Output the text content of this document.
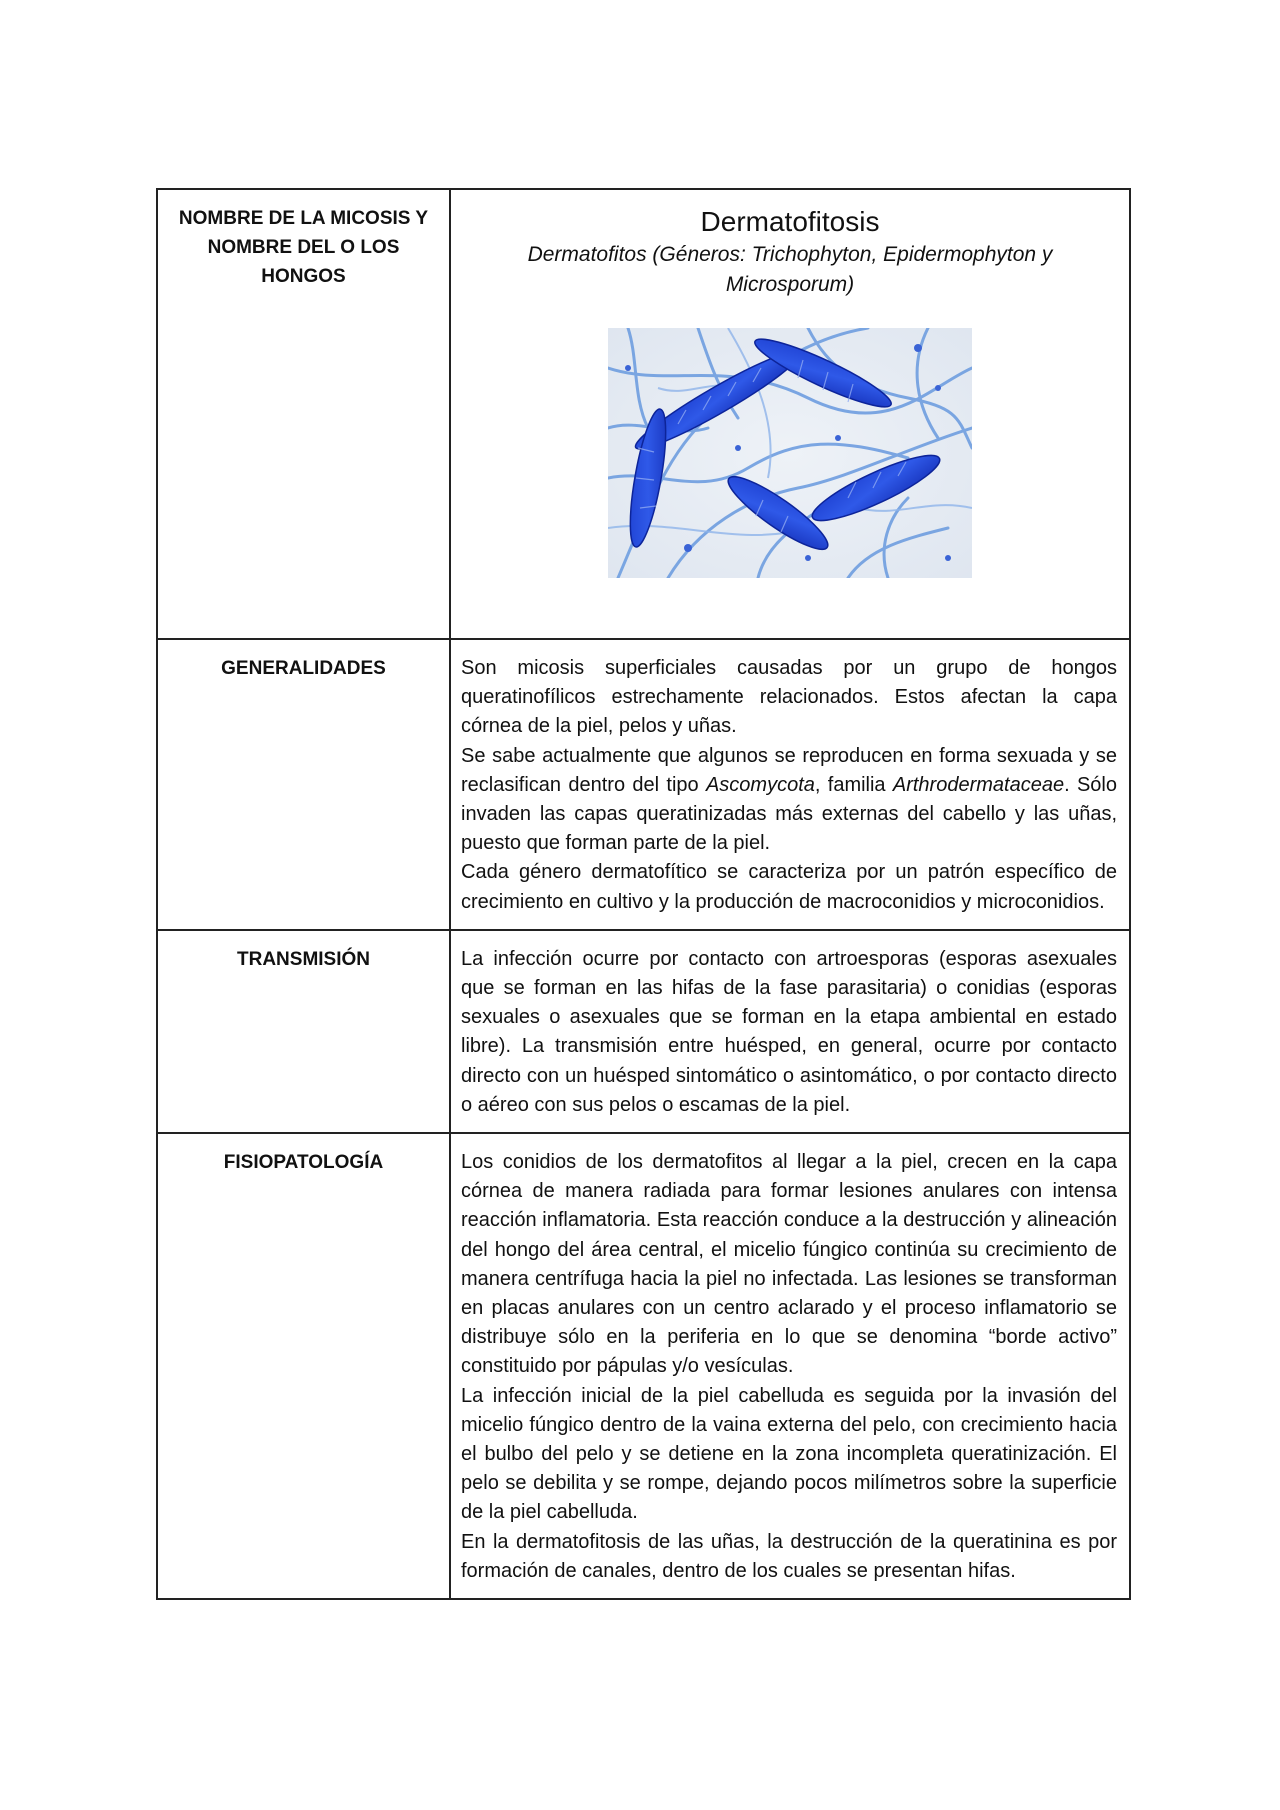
NOMBRE DE LA MICOSIS Y NOMBRE DEL O LOS HONGOS	Dermatofitosis
Dermatofitos (Géneros: Trichophyton, Epidermophyton y Microsporum)

GENERALIDADES	Son micosis superficiales causadas por un grupo de hongos queratinofílicos estrechamente relacionados. Estos afectan la capa córnea de la piel, pelos y uñas.

Se sabe actualmente que algunos se reproducen en forma sexuada y se reclasifican dentro del tipo Ascomycota, familia Arthrodermataceae. Sólo invaden las capas queratinizadas más externas del cabello y las uñas, puesto que forman parte de la piel.

Cada género dermatofítico se caracteriza por un patrón específico de crecimiento en cultivo y la producción de macroconidios y microconidios.

TRANSMISIÓN	La infección ocurre por contacto con artroesporas (esporas asexuales que se forman en las hifas de la fase parasitaria) o conidias (esporas sexuales o asexuales que se forman en la etapa ambiental en estado libre). La transmisión entre huésped, en general, ocurre por contacto directo con un huésped sintomático o asintomático, o por contacto directo o aéreo con sus pelos o escamas de la piel.

FISIOPATOLOGÍA	Los conidios de los dermatofitos al llegar a la piel, crecen en la capa córnea de manera radiada para formar lesiones anulares con intensa reacción inflamatoria. Esta reacción conduce a la destrucción y alineación del hongo del área central, el micelio fúngico continúa su crecimiento de manera centrífuga hacia la piel no infectada. Las lesiones se transforman en placas anulares con un centro aclarado y el proceso inflamatorio se distribuye sólo en la periferia en lo que se denomina “borde activo” constituido por pápulas y/o vesículas.

La infección inicial de la piel cabelluda es seguida por la invasión del micelio fúngico dentro de la vaina externa del pelo, con crecimiento hacia el bulbo del pelo y se detiene en la zona incompleta queratinización. El pelo se debilita y se rompe, dejando pocos milímetros sobre la superficie de la piel cabelluda.

En la dermatofitosis de las uñas, la destrucción de la queratinina es por formación de canales, dentro de los cuales se presentan hifas.
